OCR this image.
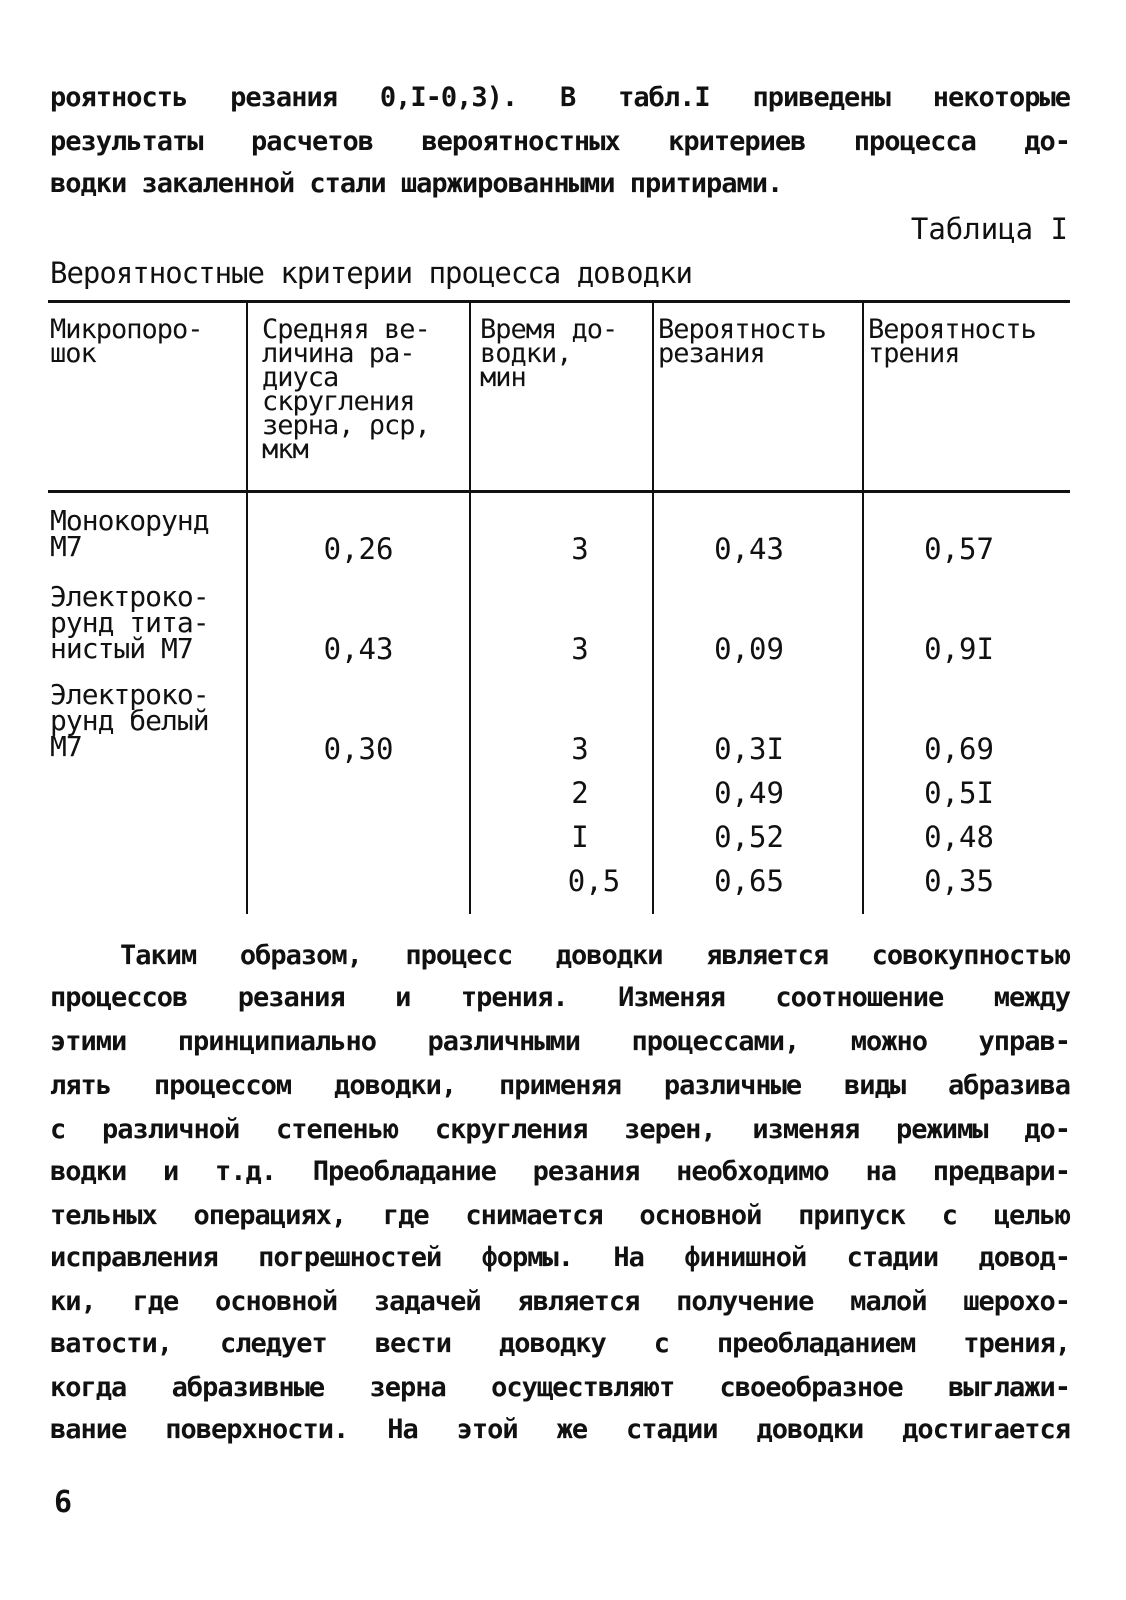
роятность резания 0,I-0,3). В табл.I приведены некоторые
результаты расчетов вероятностных критериев процесса до-
водки закаленной стали шаржированными притирами.
Таблица I
Вероятностные критерии процесса доводки
Микропоро-
шок
Средняя ве-
личина ра-
диуса
скругления
зерна, ρср,
мкм
Время до-
водки,
мин
Вероятность
резания
Вероятность
трения
Монокорунд
М7
Электроко-
рунд тита-
нистый М7
Электроко-
рунд белый
М7
0,26
0,43
0,30
3
3
3
2
I
0,5
0,43
0,09
0,3I
0,49
0,52
0,65
0,57
0,9I
0,69
0,5I
0,48
0,35
Таким образом, процесс доводки является совокупностью
процессов резания и трения. Изменяя соотношение между
этими принципиально различными процессами, можно управ-
лять процессом доводки, применяя различные виды абразива
с различной степенью скругления зерен, изменяя режимы до-
водки и т.д. Преобладание резания необходимо на предвари-
тельных операциях, где снимается основной припуск с целью
исправления погрешностей формы. На финишной стадии довод-
ки, где основной задачей является получение малой шерохо-
ватости, следует вести доводку с преобладанием трения,
когда абразивные зерна осуществляют своеобразное выглажи-
вание поверхности. На этой же стадии доводки достигается
6
